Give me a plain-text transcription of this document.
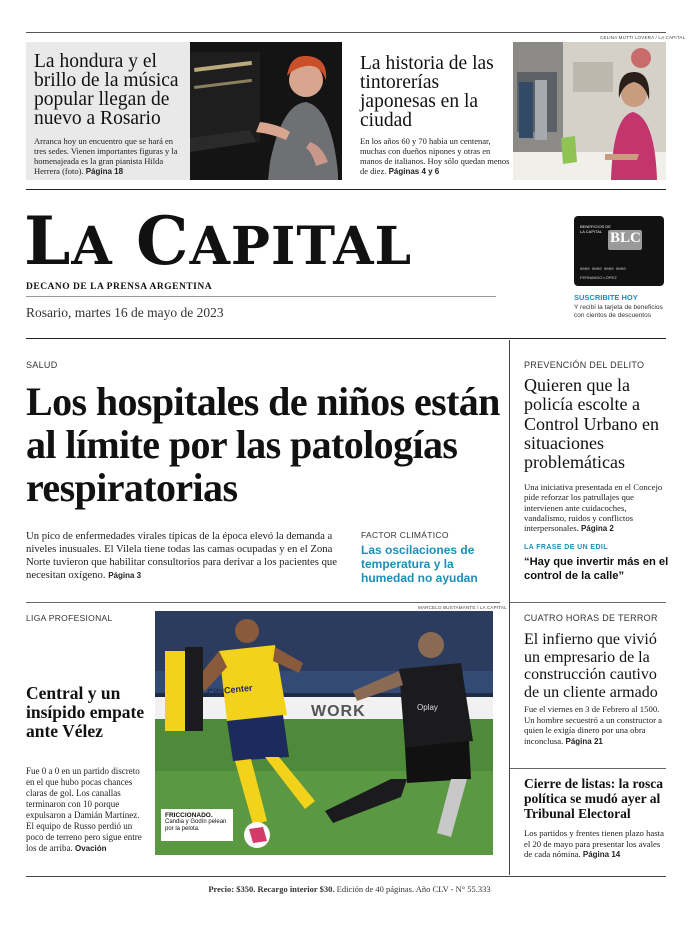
CELINA MUTTI LOVERA / LA CAPITAL
La hondura y el brillo de la música popular llegan de nuevo a Rosario
Arranca hoy un encuentro que se hará en tres sedes. Vienen importantes figuras y la homenajeada es la gran pianista Hilda Herrera (foto). Página 18
La historia de las tintorerías japonesas en la ciudad
En los años 60 y 70 había un centenar, muchas con dueños nipones y otras en manos de italianos. Hoy sólo quedan menos de diez. Páginas 4 y 6
LA CAPITAL
DECANO DE LA PRENSA ARGENTINA
Rosario, martes 16 de mayo de 2023
BENEFICIOS DE
LA CAPITAL BLC
0000 0000 0000 0000
FERNANDO LÓPEZ
SUSCRIBITE HOY
Y recibí la tarjeta de beneficios con cientos de descuentos
SALUD
Los hospitales de niños están al límite por las patologías respiratorias
Un pico de enfermedades virales típicas de la época elevó la demanda a niveles inusuales. El Vilela tiene todas las camas ocupadas y en el Zona Norte tuvieron que habilitar consultorios para derivar a los pacientes que necesitan oxígeno. Página 3
FACTOR CLIMÁTICO
Las oscilaciones de temperatura y la humedad no ayudan
PREVENCIÓN DEL DELITO
Quieren que la policía escolte a Control Urbano en situaciones problemáticas
Una iniciativa presentada en el Concejo pide reforzar los patrullajes que intervienen ante cuidacoches, vandalismo, ruidos y conflictos interpersonales. Página 2
LA FRASE DE UN EDIL
“Hay que invertir más en el control de la calle”
LIGA PROFESIONAL
MARCELO BUSTAMANTE / LA CAPITAL
Central y un insípido empate ante Vélez
Fue 0 a 0 en un partido discreto en el que hubo pocas chances claras de gol. Los canallas terminaron con 10 porque expulsaron a Damián Martínez. El equipo de Russo perdió un poco de terreno pero sigue entre los de arriba. Ovación
CityCenter
Oplay
WORK
20
FRICCIONADO.
Candia y Godín pelean por la pelota.
CUATRO HORAS DE TERROR
El infierno que vivió un empresario de la construcción cautivo de un cliente armado
Fue el viernes en 3 de Febrero al 1500. Un hombre secuestró a un constructor a quien le exigía dinero por una obra inconclusa. Página 21
Cierre de listas: la rosca política se mudó ayer al Tribunal Electoral
Los partidos y frentes tienen plazo hasta el 20 de mayo para presentar los avales de cada nómina. Página 14
Precio: $350. Recargo interior $30. Edición de 40 páginas. Año CLV - N° 55.333
